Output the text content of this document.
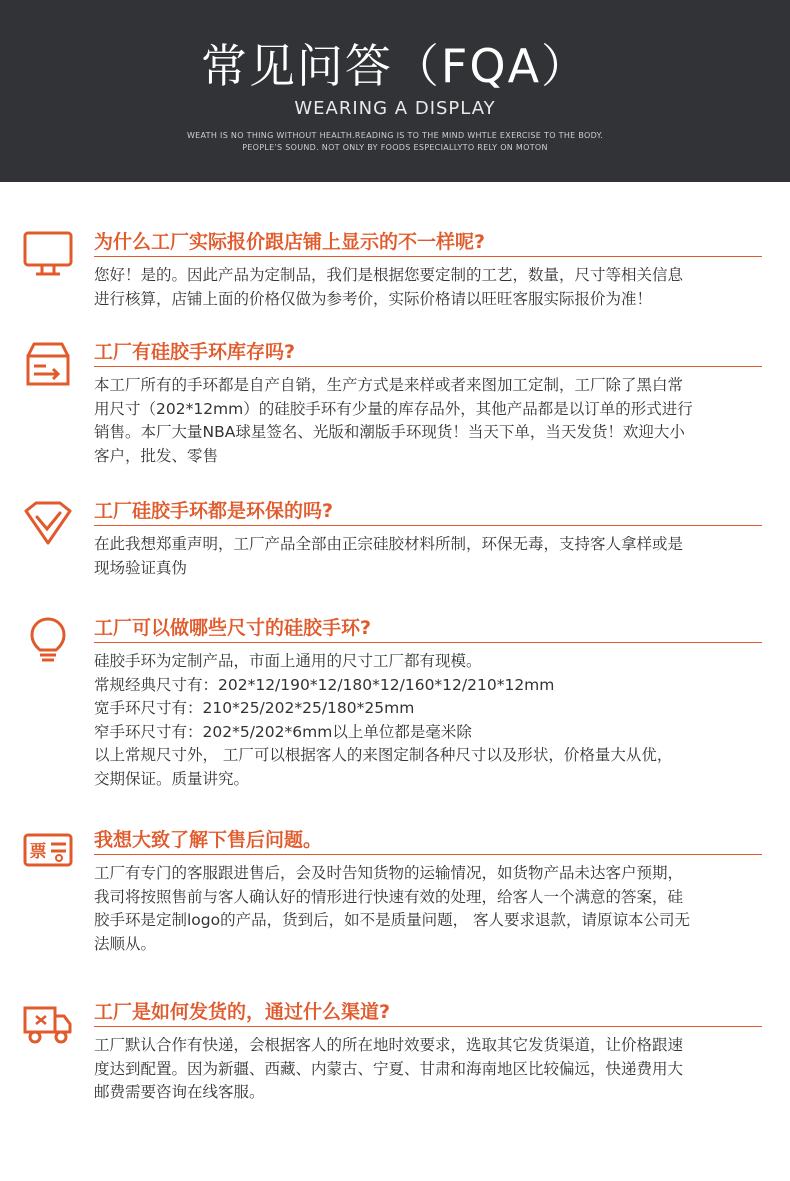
常见问答（FQA）
WEARING A DISPLAY
WEATH IS NO THING WITHOUT HEALTH.READING IS TO THE MIND WHTLE EXERCISE TO THE BODY.
PEOPLE'S SOUND. NOT ONLY BY FOODS ESPECIALLYTO RELY ON MOTON
为什么工厂实际报价跟店铺上显示的不一样呢?
您好！是的。因此产品为定制品，我们是根据您要定制的工艺，数量，尺寸等相关信息
进行核算，店铺上面的价格仅做为参考价，实际价格请以旺旺客服实际报价为准！
工厂有硅胶手环库存吗?
本工厂所有的手环都是自产自销，生产方式是来样或者来图加工定制，工厂除了黑白常
用尺寸（202*12mm）的硅胶手环有少量的库存品外，其他产品都是以订单的形式进行
销售。本厂大量NBA球星签名、光版和潮版手环现货！当天下单，当天发货！欢迎大小
客户，批发、零售
工厂硅胶手环都是环保的吗?
在此我想郑重声明，工厂产品全部由正宗硅胶材料所制，环保无毒，支持客人拿样或是
现场验证真伪
工厂可以做哪些尺寸的硅胶手环?
硅胶手环为定制产品，市面上通用的尺寸工厂都有现模。
常规经典尺寸有：202*12/190*12/180*12/160*12/210*12mm
宽手环尺寸有：210*25/202*25/180*25mm
窄手环尺寸有：202*5/202*6mm以上单位都是毫米除
以上常规尺寸外， 工厂可以根据客人的来图定制各种尺寸以及形状，价格量大从优，
交期保证。质量讲究。
票
我想大致了解下售后问题。
工厂有专门的客服跟进售后，会及时告知货物的运输情况，如货物产品未达客户预期，
我司将按照售前与客人确认好的情形进行快速有效的处理，给客人一个满意的答案，硅
胶手环是定制logo的产品，货到后，如不是质量问题， 客人要求退款，请原谅本公司无
法顺从。
工厂是如何发货的，通过什么渠道?
工厂默认合作有快递，会根据客人的所在地时效要求，选取其它发货渠道，让价格跟速
度达到配置。因为新疆、西藏、内蒙古、宁夏、甘肃和海南地区比较偏远，快递费用大
邮费需要咨询在线客服。
